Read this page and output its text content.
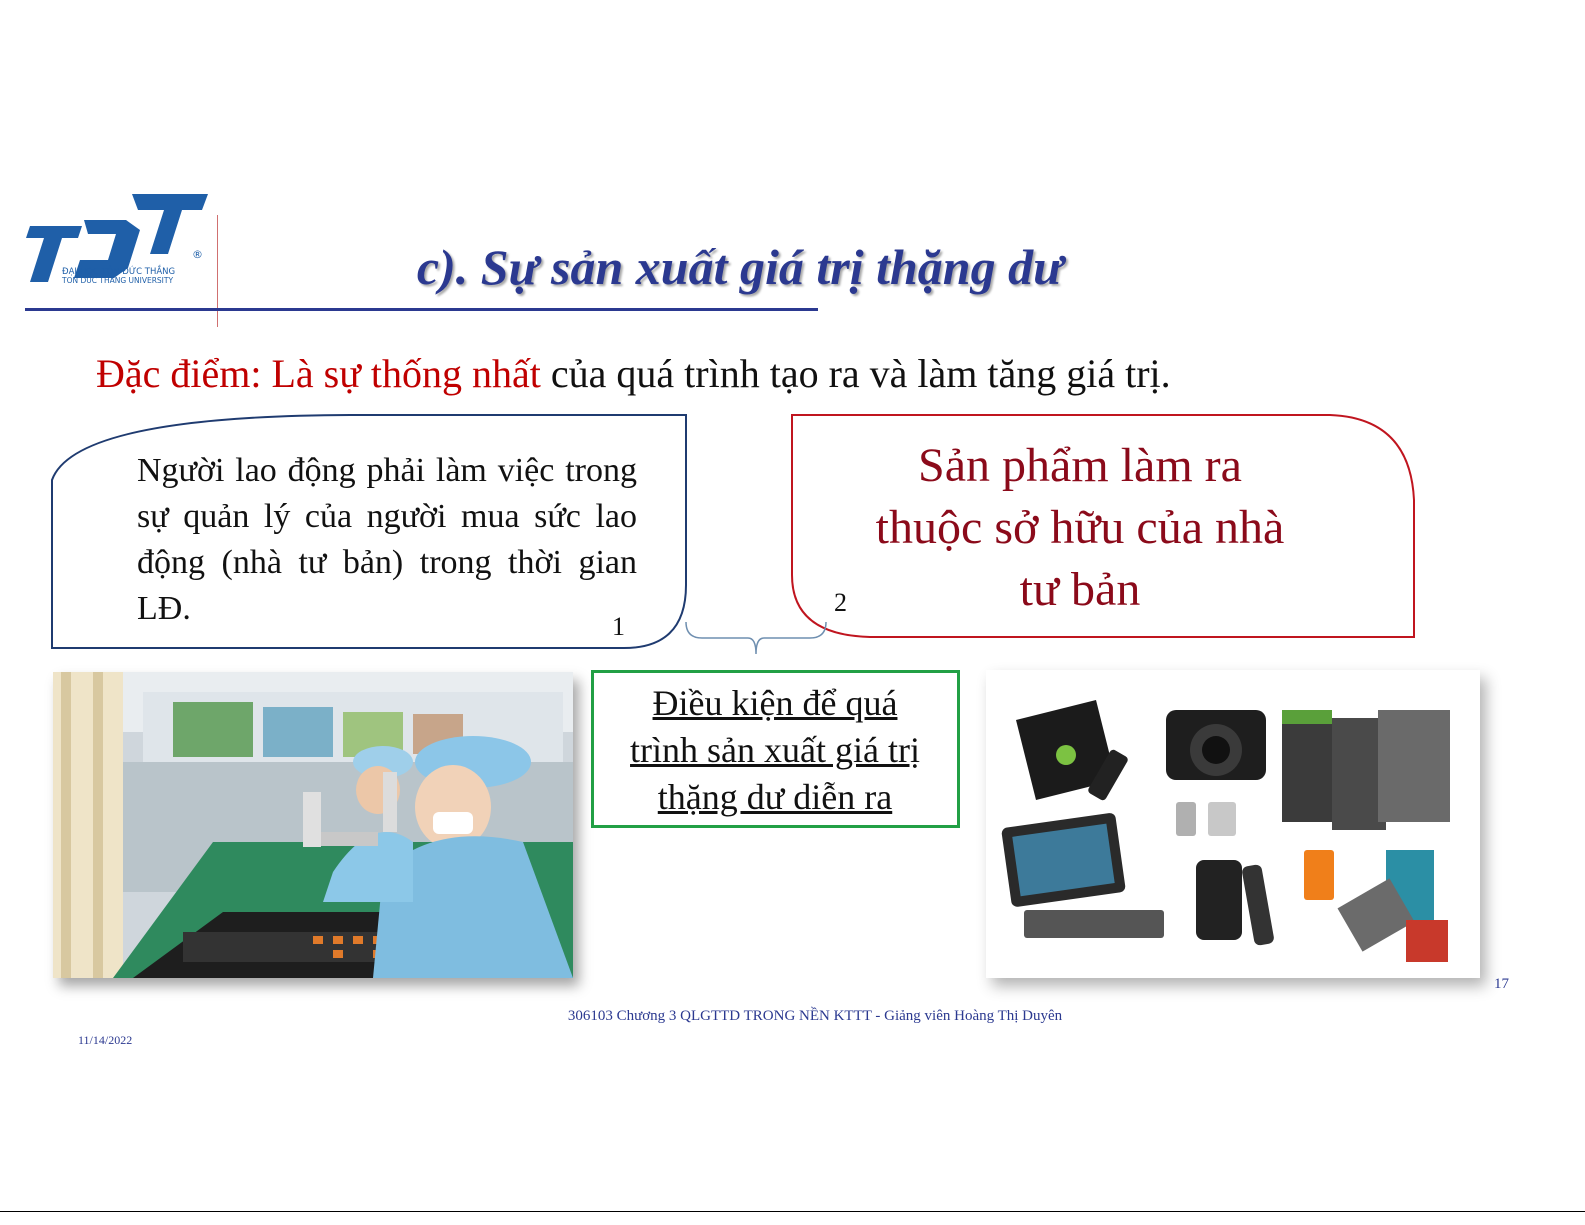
®
ĐẠI HỌC TÔN ĐỨC THẮNG
TON DUC THANG UNIVERSITY	c). Sự sản xuất giá trị thặng dư
Đặc điểm: Là sự thống nhất của quá trình tạo ra và làm tăng giá trị.
Người lao động phải làm việc trong sự quản lý của người mua sức lao động (nhà tư bản) trong thời gian LĐ.	1
Sản phẩm làm ra
thuộc sở hữu của nhà
tư bản
2
Điều kiện để quá
trình sản xuất giá trị
thặng dư diễn ra
306103 Chương 3 QLGTTD TRONG NỀN KTTT - Giảng viên Hoàng Thị Duyên
11/14/2022
17
